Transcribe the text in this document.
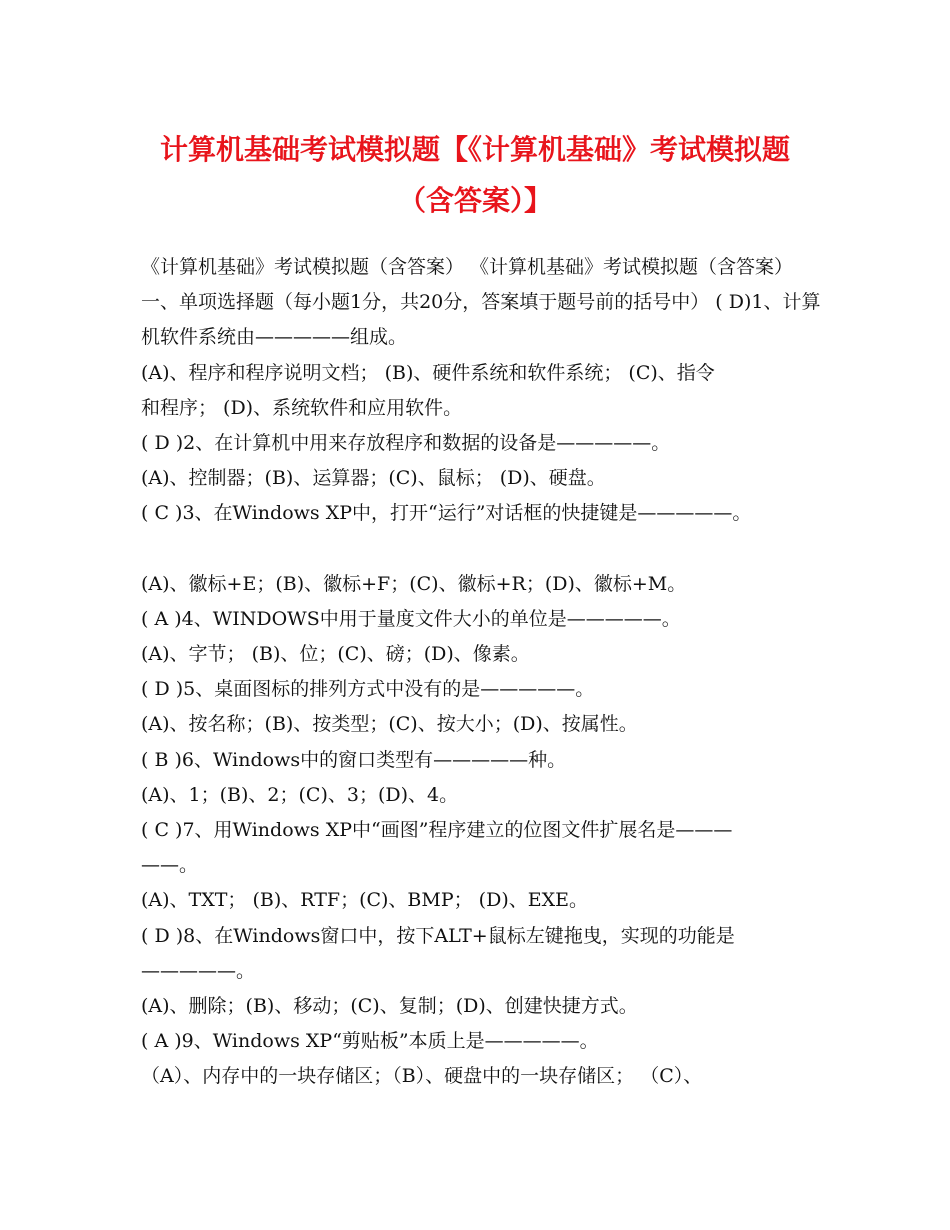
计算机基础考试模拟题【《计算机基础》考试模拟题
（含答案）】

《计算机基础》考试模拟题（含答案） 《计算机基础》考试模拟题（含答案） 一、单项选择题（每小题1分，共20分，答案填于题号前的括号中） ( D)1、计算机软件系统由—————组成。

(A)、程序和程序说明文档； (B)、硬件系统和软件系统； (C)、指令

和程序； (D)、系统软件和应用软件。

( D )2、在计算机中用来存放程序和数据的设备是—————。

(A)、控制器；(B)、运算器；(C)、鼠标； (D)、硬盘。

( C )3、在Windows XP中，打开“运行”对话框的快捷键是—————。

(A)、徽标+E；(B)、徽标+F；(C)、徽标+R；(D)、徽标+M。

( A )4、WINDOWS中用于量度文件大小的单位是—————。

(A)、字节； (B)、位；(C)、磅；(D)、像素。

( D )5、桌面图标的排列方式中没有的是—————。

(A)、按名称；(B)、按类型；(C)、按大小；(D)、按属性。

( B )6、Windows中的窗口类型有—————种。

(A)、1；(B)、2；(C)、3；(D)、4。

( C )7、用Windows XP中“画图”程序建立的位图文件扩展名是———

——。

(A)、TXT； (B)、RTF；(C)、BMP； (D)、EXE。

( D )8、在Windows窗口中，按下ALT+鼠标左键拖曳，实现的功能是

—————。

(A)、删除；(B)、移动；(C)、复制；(D)、创建快捷方式。

( A )9、Windows XP“剪贴板”本质上是—————。

（A）、内存中的一块存储区；（B）、硬盘中的一块存储区； （C）、
